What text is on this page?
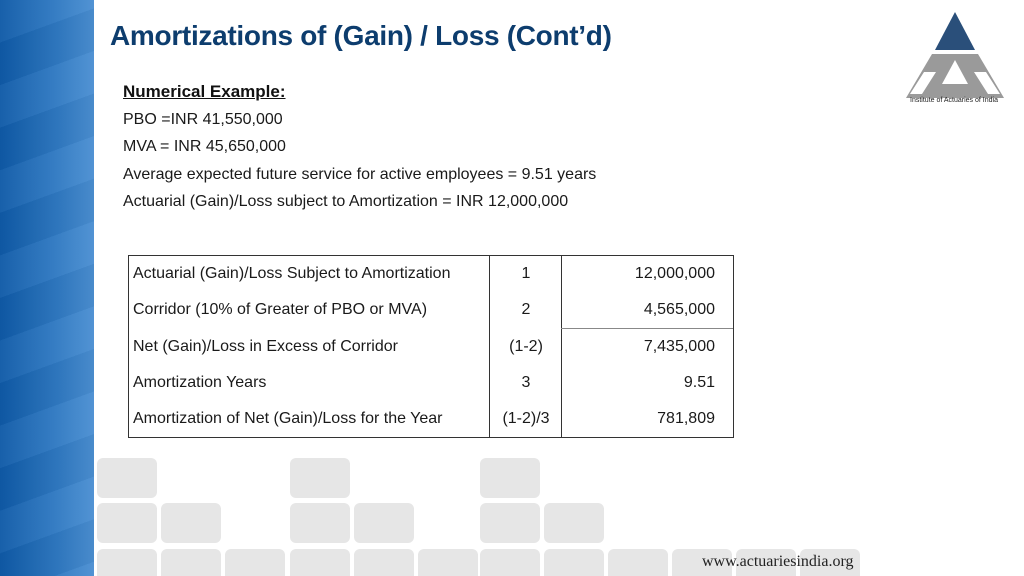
Amortizations of (Gain) / Loss (Cont’d)
Institute of Actuaries of India
Numerical Example:
PBO =INR 41,550,000
MVA = INR 45,650,000
Average expected future service for active employees = 9.51 years
Actuarial (Gain)/Loss subject to Amortization = INR 12,000,000
Actuarial (Gain)/Loss Subject to Amortization	1	12,000,000
Corridor (10% of Greater of PBO or MVA)	2	4,565,000
Net (Gain)/Loss in Excess of Corridor	(1-2)	7,435,000
Amortization Years	3	9.51
Amortization of Net (Gain)/Loss for the Year	(1-2)/3	781,809
www.actuariesindia.org
